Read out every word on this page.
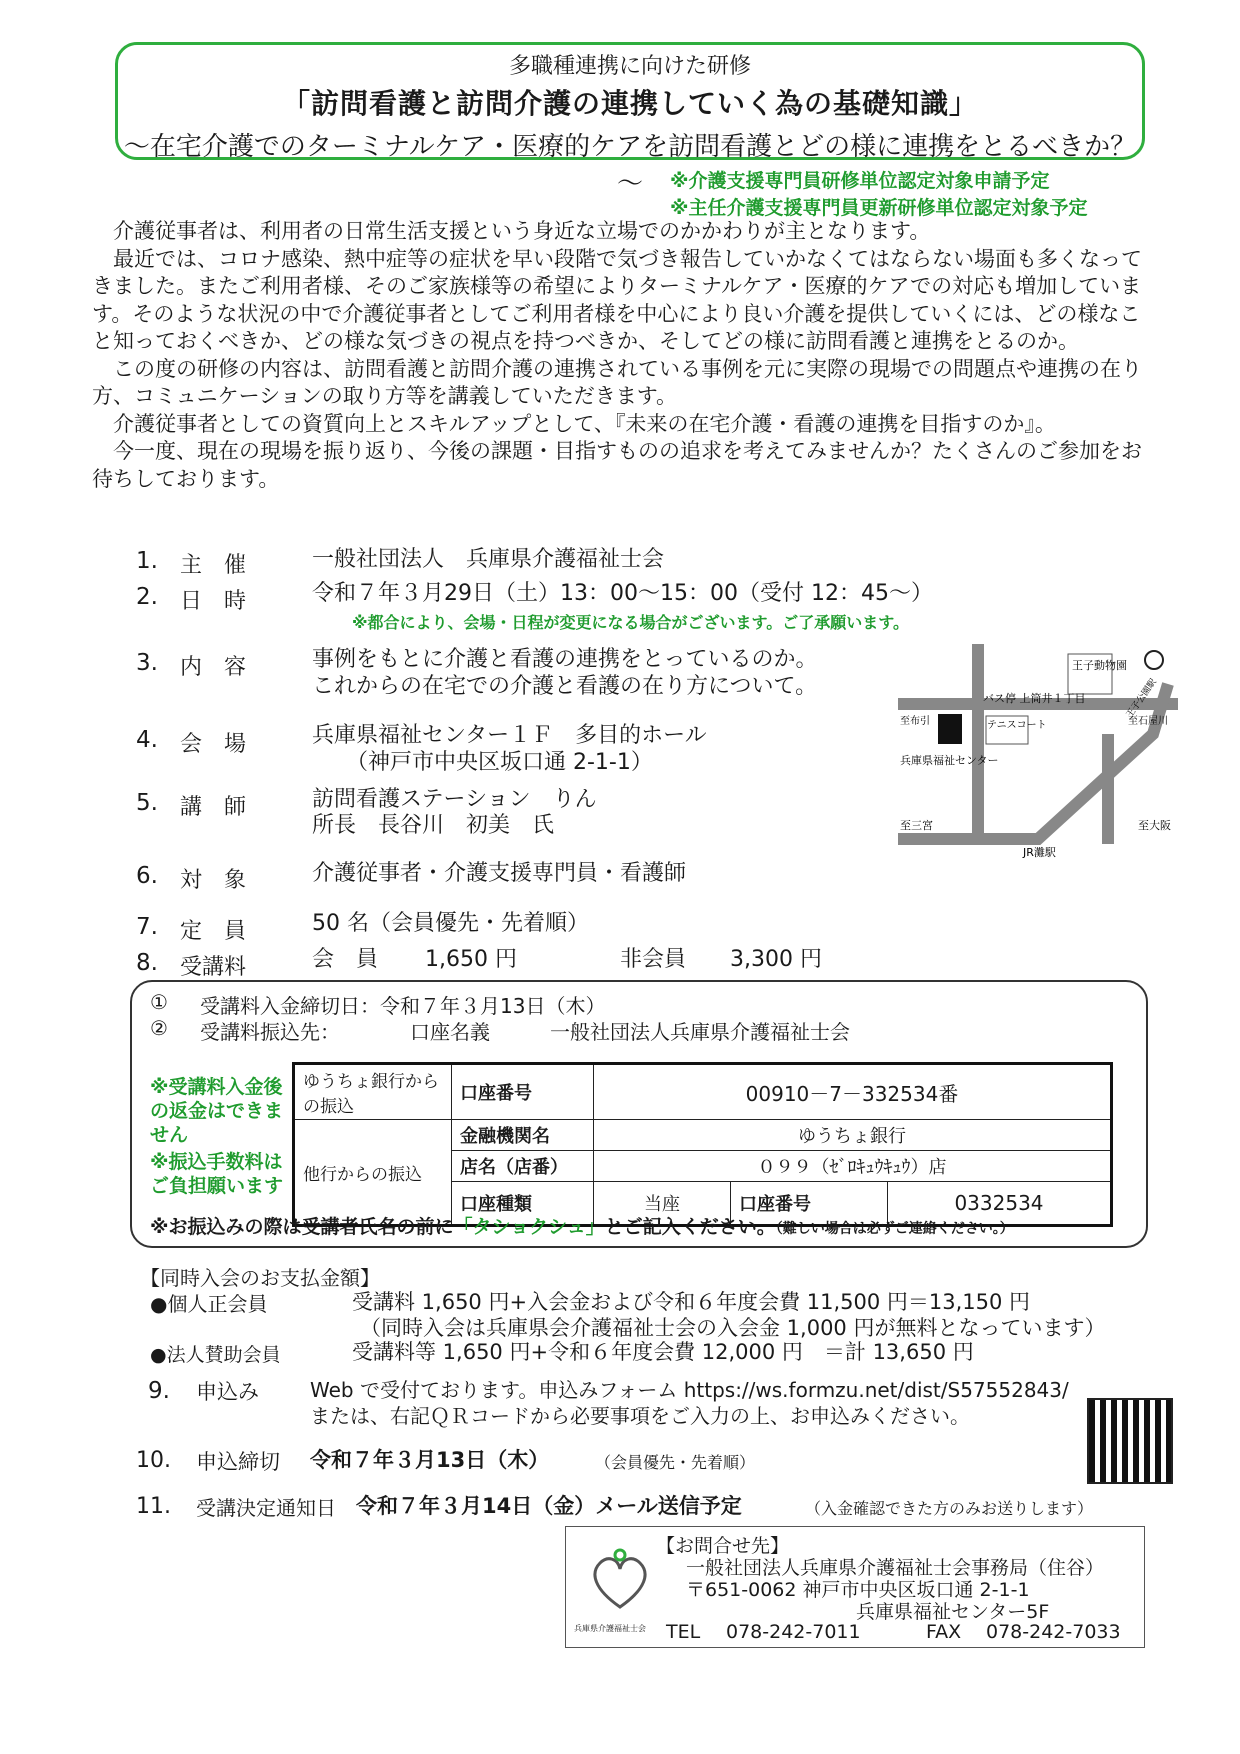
多職種連携に向けた研修
「訪問看護と訪問介護の連携していく為の基礎知識」
～在宅介護でのターミナルケア・医療的ケアを訪問看護とどの様に連携をとるべきか？～	※介護支援専門員研修単位認定対象申請予定
※主任介護支援専門員更新研修単位認定対象予定

介護従事者は、利用者の日常生活支援という身近な立場でのかかわりが主となります。

最近では、コロナ感染、熱中症等の症状を早い段階で気づき報告していかなくてはならない場面も多くなってきました。またご利用者様、そのご家族様等の希望によりターミナルケア・医療的ケアでの対応も増加しています。そのような状況の中で介護従事者としてご利用者様を中心により良い介護を提供していくには、どの様なこと知っておくべきか、どの様な気づきの視点を持つべきか、そしてどの様に訪問看護と連携をとるのか。

この度の研修の内容は、訪問看護と訪問介護の連携されている事例を元に実際の現場での問題点や連携の在り方、コミュニケーションの取り方等を講義していただきます。

介護従事者としての資質向上とスキルアップとして、『未来の在宅介護・看護の連携を目指すのか』。

今一度、現在の現場を振り返り、今後の課題・目指すものの追求を考えてみませんか？たくさんのご参加をお待ちしております。

1. 主催 一般社団法人　兵庫県介護福祉士会
2. 日時 令和７年３月29日（土）13：00～15：00（受付 12：45～）
※都合により、会場・日程が変更になる場合がございます。ご了承願います。
3. 内容 事例をもとに介護と看護の連携をとっているのか。
これからの在宅での介護と看護の在り方について。
4. 会場 兵庫県福祉センター１Ｆ　多目的ホール
（神戸市中央区坂口通 2-1-1）
5. 講師 訪問看護ステーション　りん
所長　長谷川　初美　氏
6. 対象 介護従事者・介護支援専門員・看護師
7. 定員 50 名（会員優先・先着順）
8. 受講料	会　員 1,650 円	非会員 3,300 円
王子動物園
バス停 上筒井１丁目
テニスコート
兵庫県福祉センター
至布引	至石屋川
至三宮	至大阪
JR灘駅
王子公園駅
① 受講料入金締切日：令和７年３月13日（木）
② 受講料振込先：	口座名義	一般社団法人兵庫県介護福祉士会
※受講料入金後の返金はできません
※振込手数料はご負担願います
ゆうちょ銀行からの振込	口座番号	00910－7－332534番		
他行からの振込	金融機関名	ゆうちょ銀行		
	店名（店番）	０９９（ｾﾞﾛｷｭｳｷｭｳ）店		
	口座種類	当座	口座番号	0332534
※お振込みの際は受講者氏名の前に「タショクシュ」とご記入ください。（難しい場合は必ずご連絡ください。）
【同時入会のお支払金額】
●個人正会員	受講料 1,650 円+入会金および令和６年度会費 11,500 円＝13,150 円
（同時入会は兵庫県会介護福祉士会の入会金 1,000 円が無料となっています）
●法人賛助会員	受講料等 1,650 円+令和６年度会費 12,000 円　＝計 13,650 円
9. 申込み	Web で受付ております。申込みフォーム https://ws.formzu.net/dist/S57552843/
または、右記ＱＲコードから必要事項をご入力の上、お申込みください。
10. 申込締切 令和７年３月13日（木）	（会員優先・先着順）
11. 受講決定通知日 令和７年３月14日（金）メール送信予定	（入金確認できた方のみお送りします）
兵庫県介護福祉士会
【お問合せ先】
一般社団法人兵庫県介護福祉士会事務局（住谷）
〒651-0062 神戸市中央区坂口通 2-1-1
兵庫県福祉センター5F
TEL 078-242-7011	FAX 078-242-7033
